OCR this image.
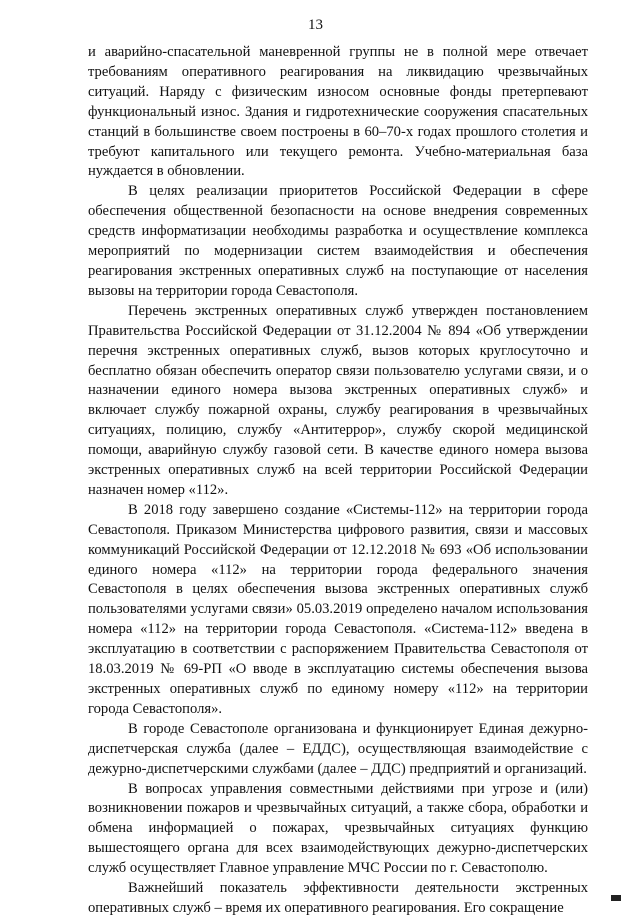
13

и аварийно-спасательной маневренной группы не в полной мере отвечает требованиям оперативного реагирования на ликвидацию чрезвычайных ситуаций. Наряду с физическим износом основные фонды претерпевают функциональный износ. Здания и гидротехнические сооружения спасательных станций в большинстве своем построены в 60–70-х годах прошлого столетия и требуют капитального или текущего ремонта. Учебно-материальная база нуждается в обновлении.

В целях реализации приоритетов Российской Федерации в сфере обеспечения общественной безопасности на основе внедрения современных средств информатизации необходимы разработка и осуществление комплекса мероприятий по модернизации систем взаимодействия и обеспечения реагирования экстренных оперативных служб на поступающие от населения вызовы на территории города Севастополя.

Перечень экстренных оперативных служб утвержден постановлением Правительства Российской Федерации от 31.12.2004 № 894 «Об утверждении перечня экстренных оперативных служб, вызов которых круглосуточно и бесплатно обязан обеспечить оператор связи пользователю услугами связи, и о назначении единого номера вызова экстренных оперативных служб» и включает службу пожарной охраны, службу реагирования в чрезвычайных ситуациях, полицию, службу «Антитеррор», службу скорой медицинской помощи, аварийную службу газовой сети. В качестве единого номера вызова экстренных оперативных служб на всей территории Российской Федерации назначен номер «112».

В 2018 году завершено создание «Системы-112» на территории города Севастополя. Приказом Министерства цифрового развития, связи и массовых коммуникаций Российской Федерации от 12.12.2018 № 693 «Об использовании единого номера «112» на территории города федерального значения Севастополя в целях обеспечения вызова экстренных оперативных служб пользователями услугами связи» 05.03.2019 определено началом использования номера «112» на территории города Севастополя. «Система-112» введена в эксплуатацию в соответствии с распоряжением Правительства Севастополя от 18.03.2019 № 69-РП «О вводе в эксплуатацию системы обеспечения вызова экстренных оперативных служб по единому номеру «112» на территории города Севастополя».

В городе Севастополе организована и функционирует Единая дежурно-диспетчерская служба (далее – ЕДДС), осуществляющая взаимодействие с дежурно-диспетчерскими службами (далее – ДДС) предприятий и организаций.

В вопросах управления совместными действиями при угрозе и (или) возникновении пожаров и чрезвычайных ситуаций, а также сбора, обработки и обмена информацией о пожарах, чрезвычайных ситуациях функцию вышестоящего органа для всех взаимодействующих дежурно-диспетчерских служб осуществляет Главное управление МЧС России по г. Севастополю.

Важнейший показатель эффективности деятельности экстренных оперативных служб – время их оперативного реагирования. Его сокращение
